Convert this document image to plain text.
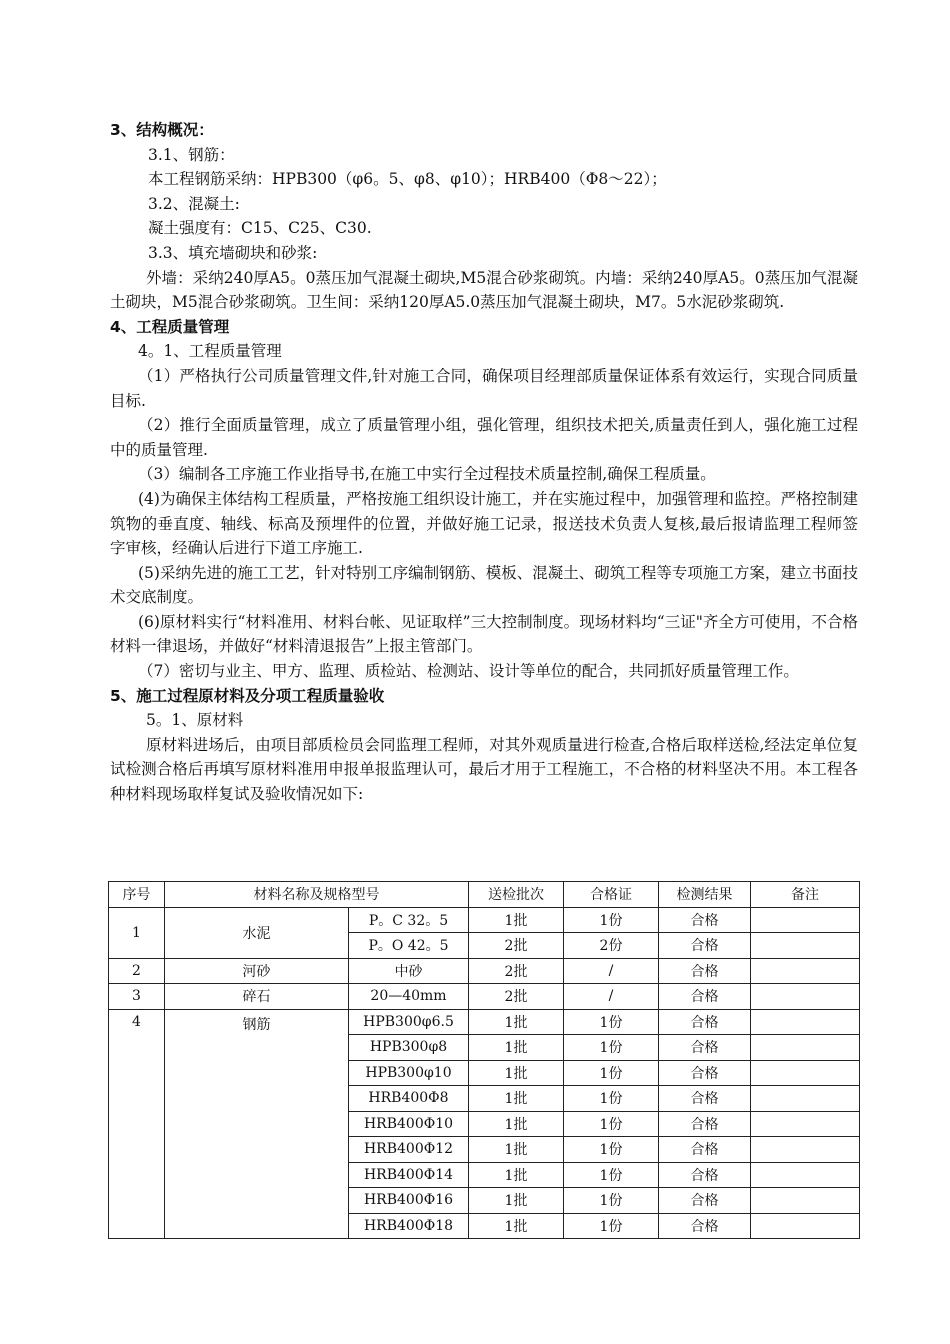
3、结构概况：
3.1、钢筋：
本工程钢筋采纳：HPB300（φ6。5、φ8、φ10）；HRB400（Φ8～22）；
3.2、混凝土:
凝土强度有：C15、C25、C30.
3.3、填充墙砌块和砂浆:
外墙：采纳240厚A5。0蒸压加气混凝土砌块,M5混合砂浆砌筑。内墙：采纳240厚A5。0蒸压加气混凝土砌块，M5混合砂浆砌筑。卫生间：采纳120厚A5.0蒸压加气混凝土砌块，M7。5水泥砂浆砌筑.
4、工程质量管理
4。1、工程质量管理
（1）严格执行公司质量管理文件,针对施工合同，确保项目经理部质量保证体系有效运行，实现合同质量目标.
（2）推行全面质量管理，成立了质量管理小组，强化管理，组织技术把关,质量责任到人，强化施工过程中的质量管理.
（3）编制各工序施工作业指导书,在施工中实行全过程技术质量控制,确保工程质量。
(4)为确保主体结构工程质量，严格按施工组织设计施工，并在实施过程中，加强管理和监控。严格控制建筑物的垂直度、轴线、标高及预埋件的位置，并做好施工记录，报送技术负责人复核,最后报请监理工程师签字审核，经确认后进行下道工序施工.
(5)采纳先进的施工工艺，针对特别工序编制钢筋、模板、混凝土、砌筑工程等专项施工方案，建立书面技术交底制度。
(6)原材料实行“材料准用、材料台帐、见证取样”三大控制制度。现场材料均“三证"齐全方可使用，不合格材料一律退场，并做好“材料清退报告”上报主管部门。
（7）密切与业主、甲方、监理、质检站、检测站、设计等单位的配合，共同抓好质量管理工作。
5、施工过程原材料及分项工程质量验收
5。1、原材料
原材料进场后，由项目部质检员会同监理工程师，对其外观质量进行检查,合格后取样送检,经法定单位复试检测合格后再填写原材料准用申报单报监理认可，最后才用于工程施工，不合格的材料坚决不用。本工程各种材料现场取样复试及验收情况如下:
序号	材料名称及规格型号		送检批次	合格证	检测结果	备注
1	水泥	P。C 32。5	1批	1份	合格	
		P。O 42。5	2批	2份	合格	
2	河砂	中砂	2批	/	合格	
3	碎石	20—40mm	2批	/	合格	
4	钢筋	HPB300φ6.5	1批	1份	合格	
		HPB300φ8	1批	1份	合格	
		HPB300φ10	1批	1份	合格	
		HRB400Φ8	1批	1份	合格	
		HRB400Φ10	1批	1份	合格	
		HRB400Φ12	1批	1份	合格	
		HRB400Φ14	1批	1份	合格	
		HRB400Φ16	1批	1份	合格	
		HRB400Φ18	1批	1份	合格	
